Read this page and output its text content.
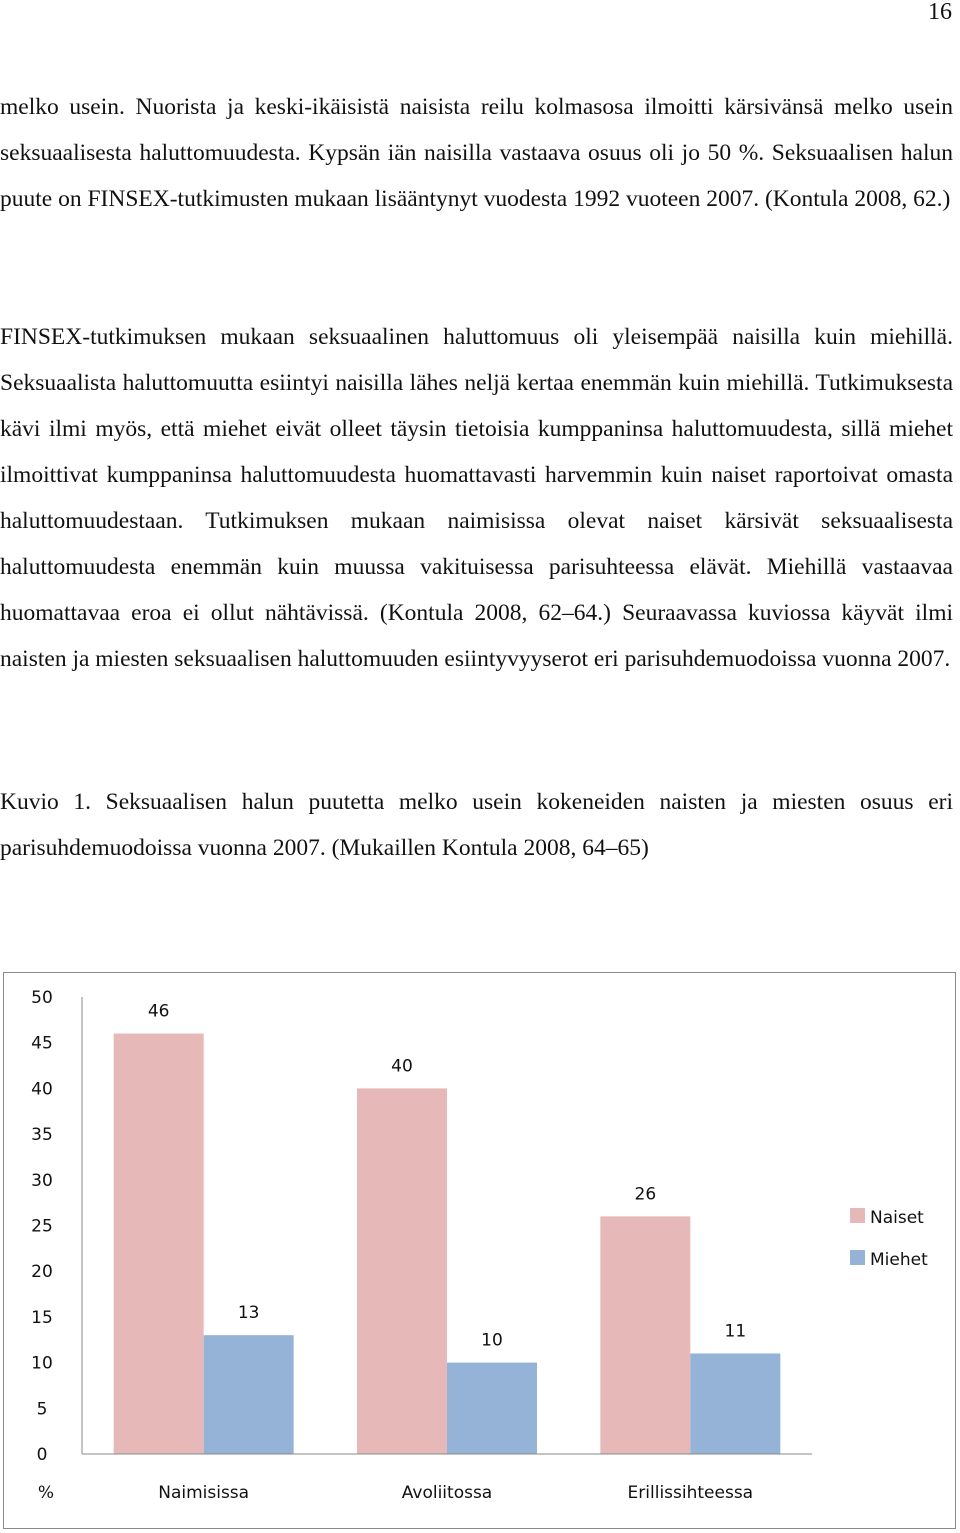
16

melko usein. Nuorista ja keski-ikäisistä naisista reilu kolmasosa ilmoitti kärsivänsä melko usein seksuaalisesta haluttomuudesta. Kypsän iän naisilla vastaava osuus oli jo 50 %. Seksuaalisen halun puute on FINSEX-tutkimusten mukaan lisääntynyt vuodesta 1992 vuoteen 2007. (Kontula 2008, 62.)

FINSEX-tutkimuksen mukaan seksuaalinen haluttomuus oli yleisempää naisilla kuin miehillä. Seksuaalista haluttomuutta esiintyi naisilla lähes neljä kertaa enemmän kuin miehillä. Tutkimuksesta kävi ilmi myös, että miehet eivät olleet täysin tietoisia kumppaninsa haluttomuudesta, sillä miehet ilmoittivat kumppaninsa haluttomuudesta huomattavasti harvemmin kuin naiset raportoivat omasta haluttomuudestaan. Tutkimuksen mukaan naimisissa olevat naiset kärsivät seksuaalisesta haluttomuudesta enemmän kuin muussa vakituisessa parisuhteessa elävät. Miehillä vastaavaa huomattavaa eroa ei ollut nähtävissä. (Kontula 2008, 62–64.) Seuraavassa kuviossa käyvät ilmi naisten ja miesten seksuaalisen haluttomuuden esiintyvyyserot eri parisuhdemuodoissa vuonna 2007.

Kuvio 1. Seksuaalisen halun puutetta melko usein kokeneiden naisten ja miesten osuus eri parisuhdemuodoissa vuonna 2007. (Mukaillen Kontula 2008, 64–65)

0
5
10
15
20
25
30
35
40
45
50
46
13
Naimisissa
40
10
Avoliitossa
26
11
Erillissihteessa
%
Naiset
Miehet
